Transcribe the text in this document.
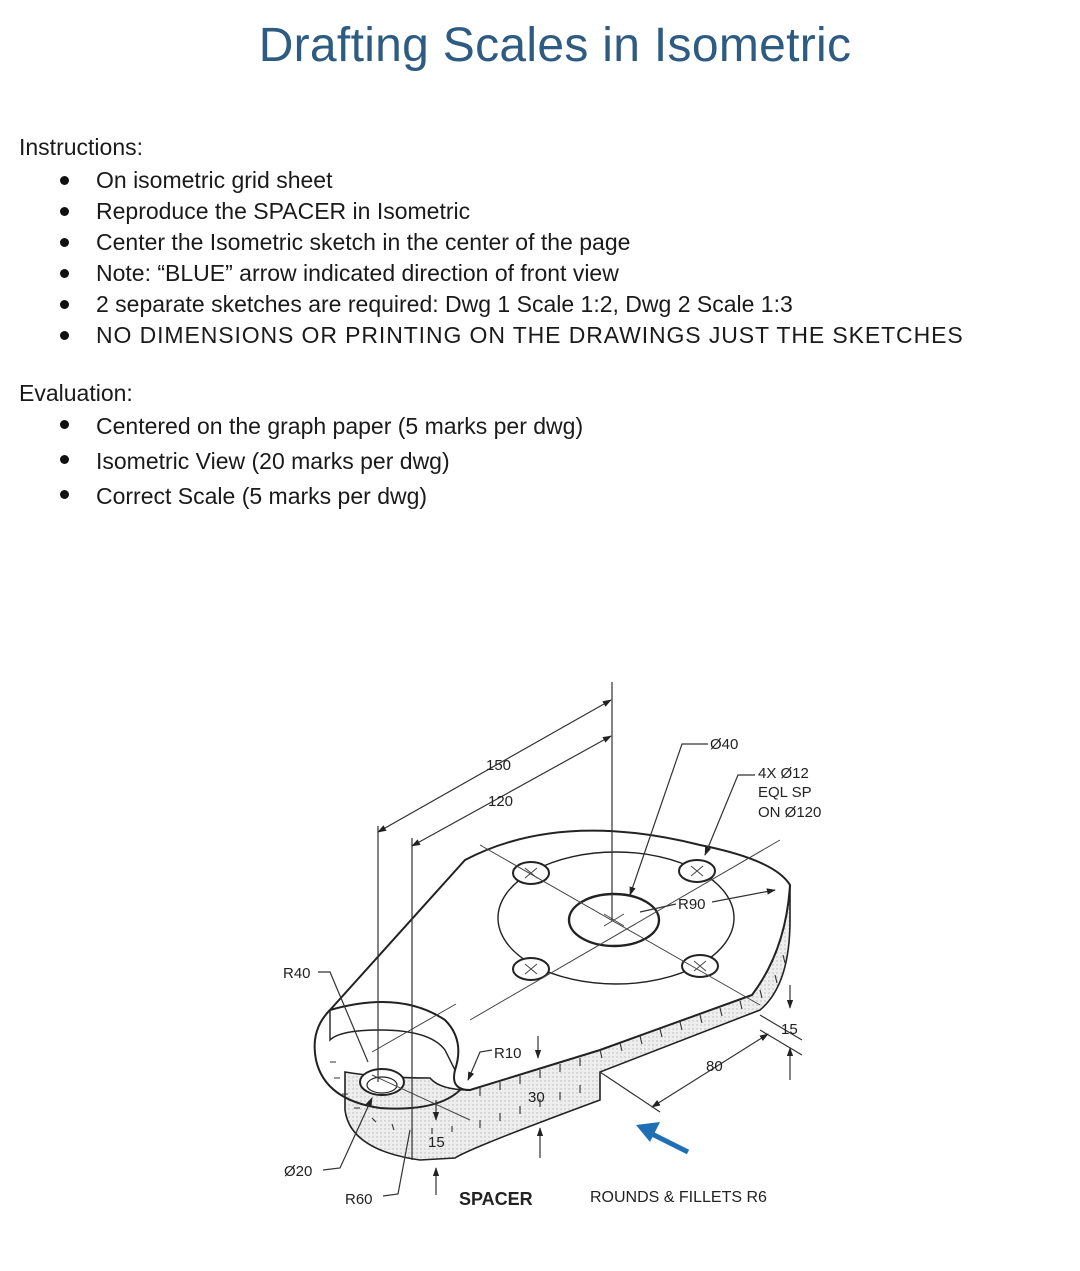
Drafting Scales in Isometric

Instructions:

On isometric grid sheet
Reproduce the SPACER in Isometric
Center the Isometric sketch in the center of the page
Note: “BLUE” arrow indicated direction of front view
2 separate sketches are required: Dwg 1 Scale 1:2, Dwg 2 Scale 1:3
NO DIMENSIONS OR PRINTING ON THE DRAWINGS JUST THE SKETCHES

Evaluation:

Centered on the graph paper (5 marks per dwg)
Isometric View (20 marks per dwg)
Correct Scale (5 marks per dwg)
150
120
Ø40
4X Ø12
EQL SP
ON Ø120
R90
R40
R10
15
80
30
15
Ø20
R60	SPACER	ROUNDS & FILLETS R6
